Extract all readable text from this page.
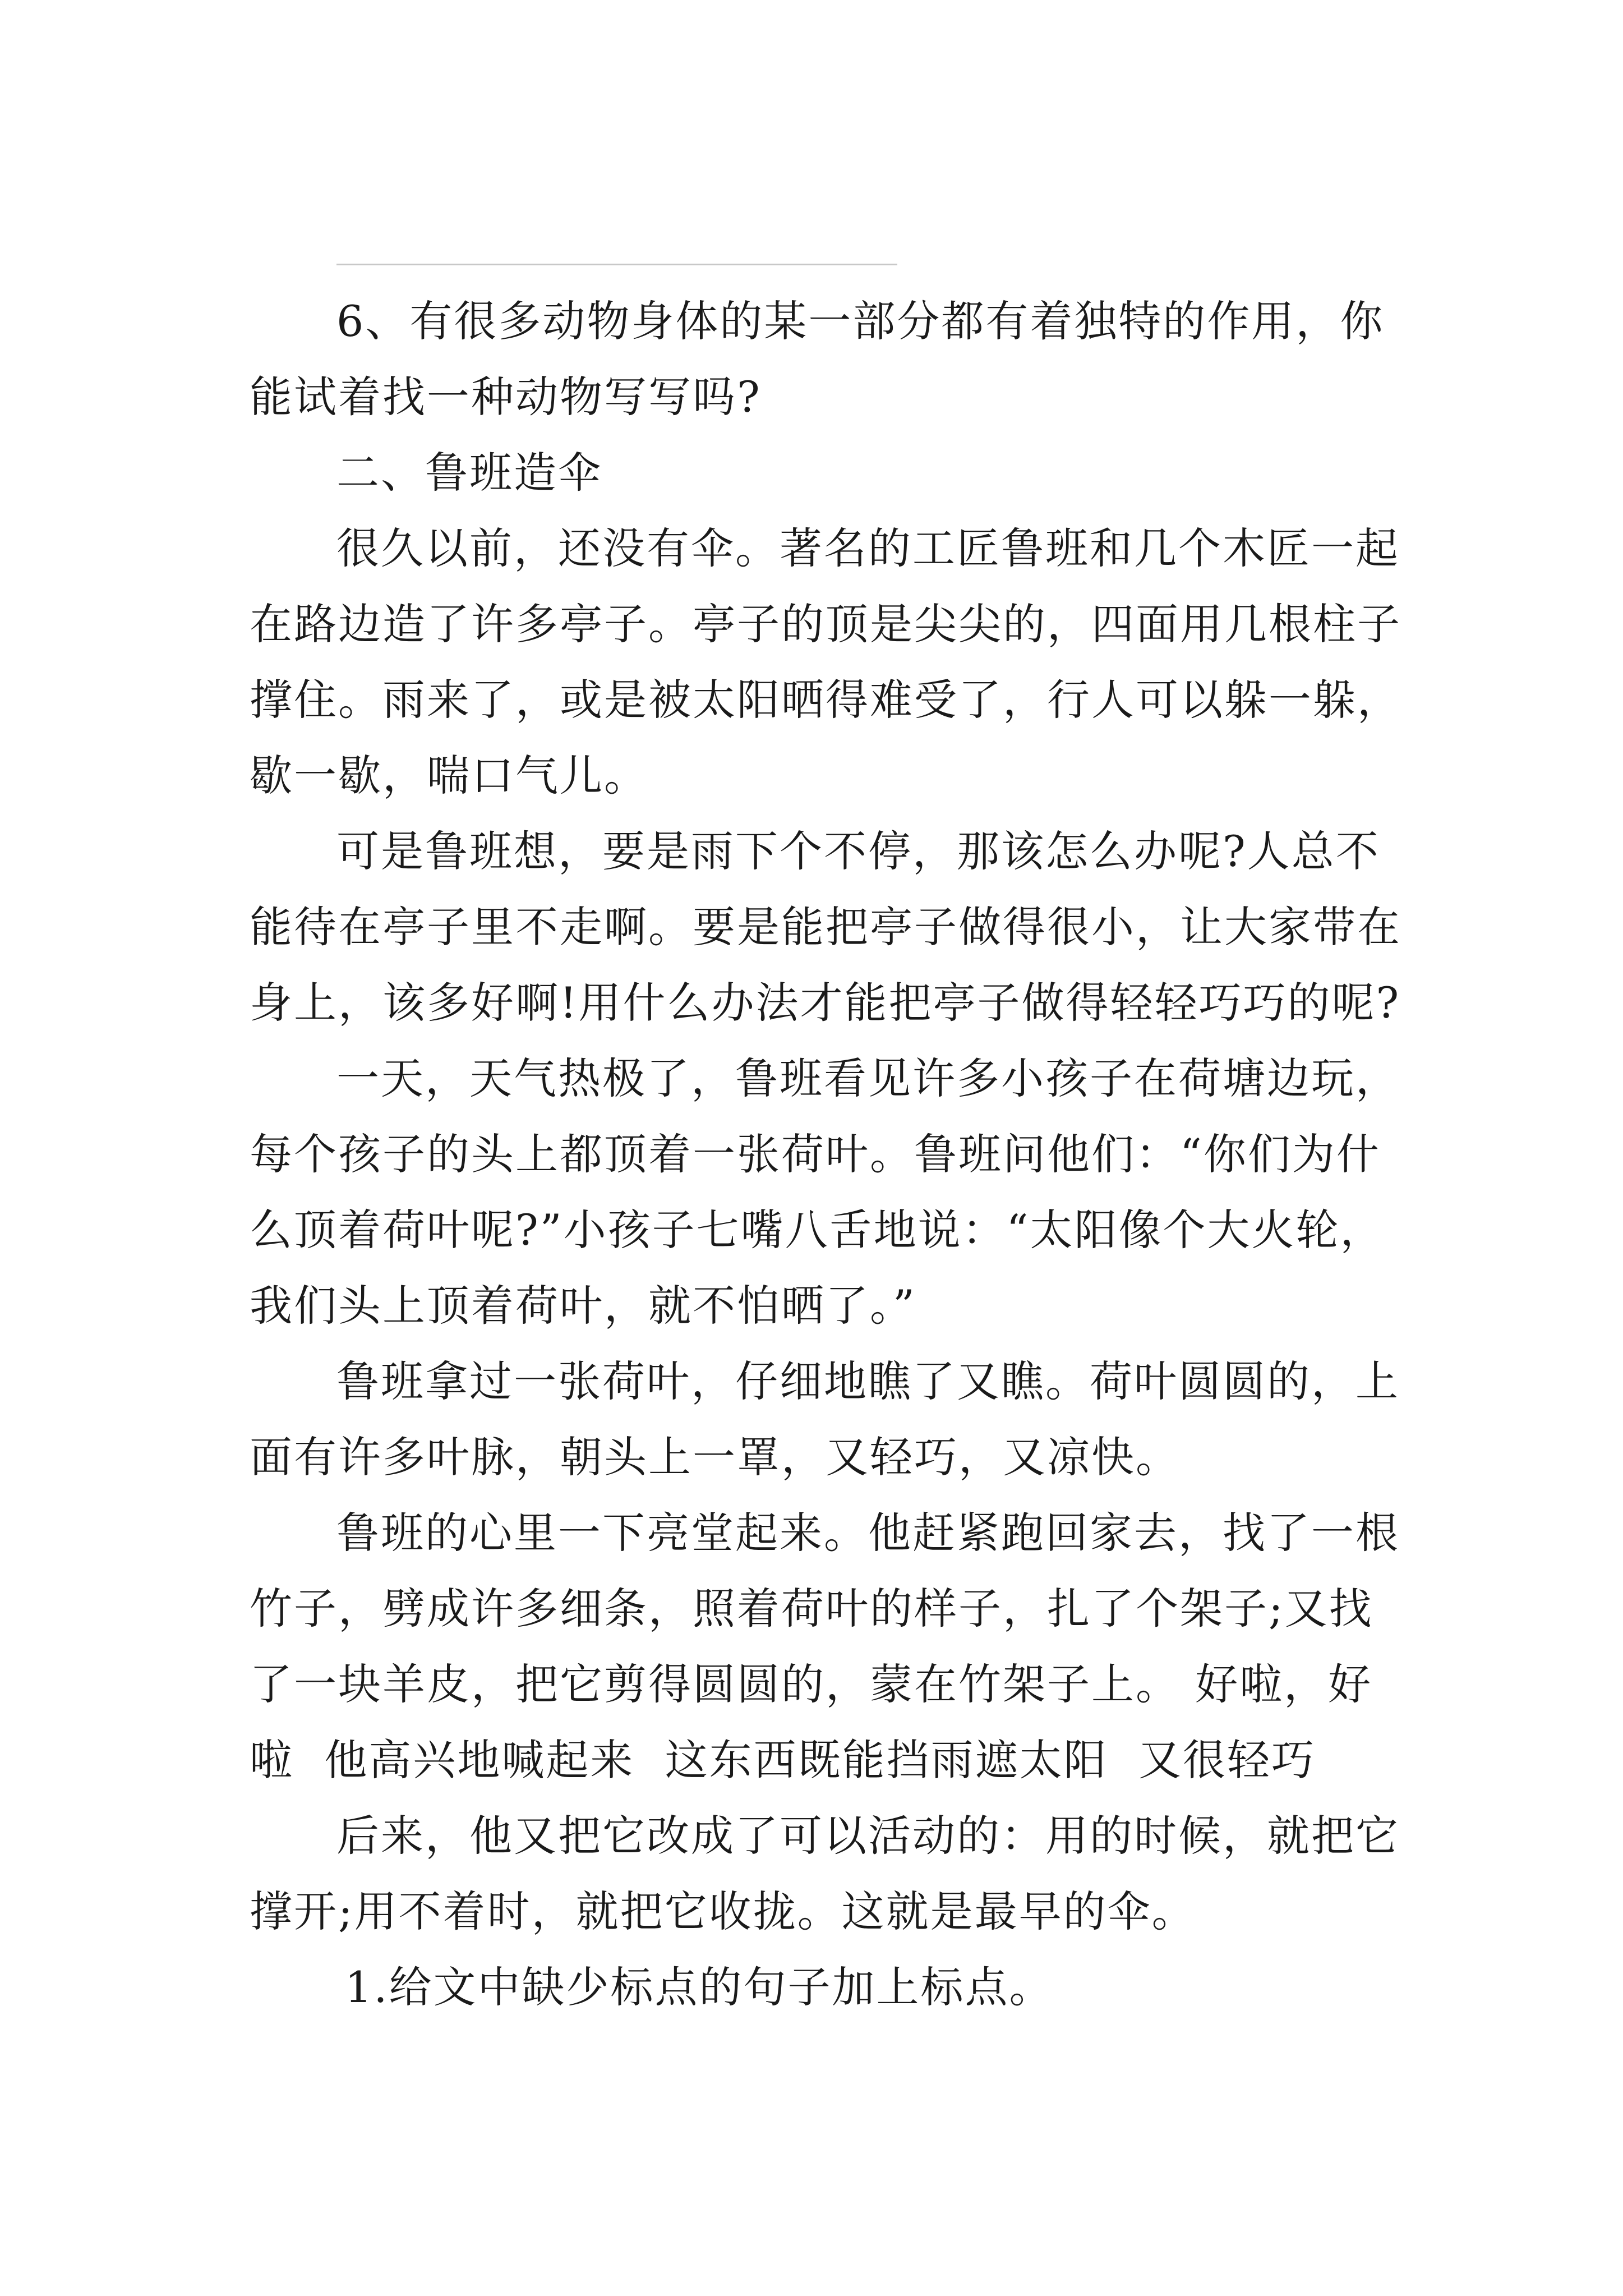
6、有很多动物身体的某一部分都有着独特的作用，你
能试着找一种动物写写吗?
二、鲁班造伞
很久以前，还没有伞。著名的工匠鲁班和几个木匠一起
在路边造了许多亭子。亭子的顶是尖尖的，四面用几根柱子
撑住。雨来了，或是被太阳晒得难受了，行人可以躲一躲，
歇一歇，喘口气儿。
可是鲁班想，要是雨下个不停，那该怎么办呢?人总不
能待在亭子里不走啊。要是能把亭子做得很小，让大家带在
身上，该多好啊!用什么办法才能把亭子做得轻轻巧巧的呢?
一天，天气热极了，鲁班看见许多小孩子在荷塘边玩，
每个孩子的头上都顶着一张荷叶。鲁班问他们：“你们为什
么顶着荷叶呢?”小孩子七嘴八舌地说：“太阳像个大火轮，
我们头上顶着荷叶，就不怕晒了。”
鲁班拿过一张荷叶，仔细地瞧了又瞧。荷叶圆圆的，上
面有许多叶脉，朝头上一罩，又轻巧，又凉快。
鲁班的心里一下亮堂起来。他赶紧跑回家去，找了一根
竹子，劈成许多细条，照着荷叶的样子，扎了个架子;又找
了一块羊皮，把它剪得圆圆的，蒙在竹架子上。 好啦，好
啦  他高兴地喊起来  这东西既能挡雨遮太阳  又很轻巧
后来，他又把它改成了可以活动的：用的时候，就把它
撑开;用不着时，就把它收拢。这就是最早的伞。
1.给文中缺少标点的句子加上标点。
